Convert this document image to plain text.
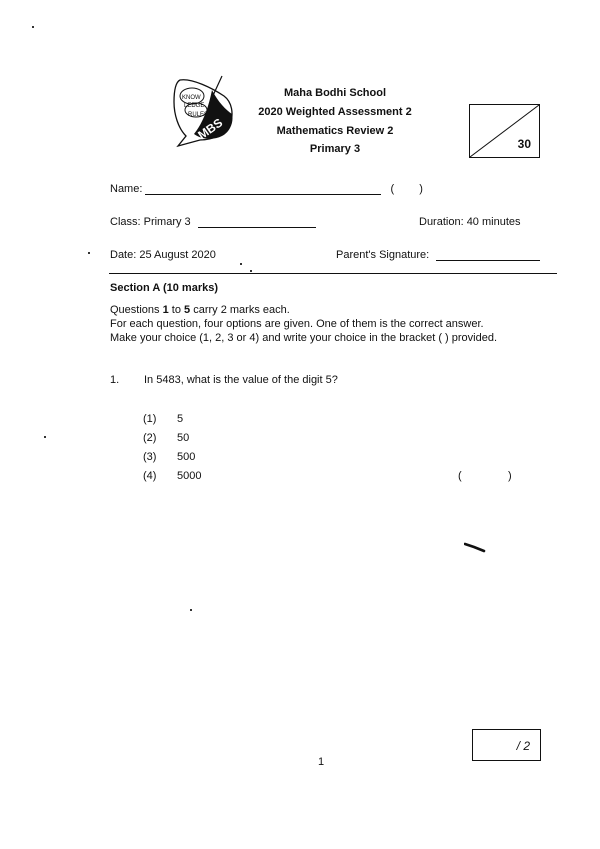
KNOW
LEDGE
RULES
MBS
Maha Bodhi School
2020 Weighted Assessment 2
Mathematics Review 2
Primary 3	30
Name:	( )
Class: Primary 3	Duration: 40 minutes
Date: 25 August 2020	Parent's Signature:
Section A (10 marks)
Questions 1 to 5 carry 2 marks each.
For each question, four options are given. One of them is the correct answer.
Make your choice (1, 2, 3 or 4) and write your choice in the bracket ( ) provided.
1. In 5483, what is the value of the digit 5?
(1) 5
(2) 50
(3) 500
(4) 5000	(	)
/ 2
1
